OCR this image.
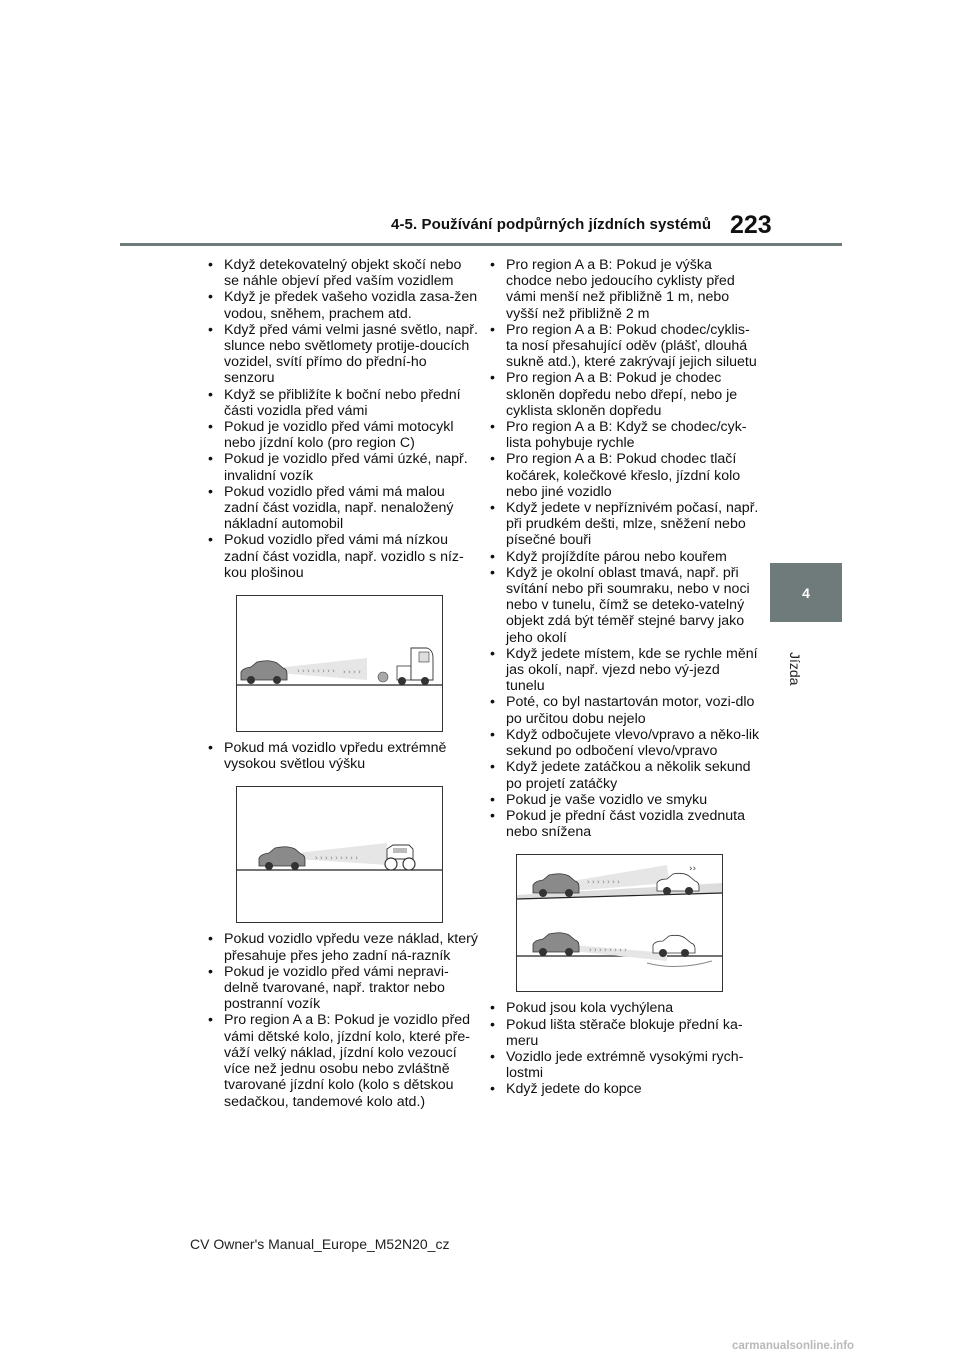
4-5. Používání podpůrných jízdních systémů 223
4
Jízda
• Když detekovatelný objekt skočí nebo se náhle objeví před vaším vozidlem
• Když je předek vašeho vozidla zasa-žen vodou, sněhem, prachem atd.
• Když před vámi velmi jasné světlo, např. slunce nebo světlomety protije-doucích vozidel, svítí přímo do přední-ho senzoru
• Když se přibližíte k boční nebo přední části vozidla před vámi
• Pokud je vozidlo před vámi motocykl nebo jízdní kolo (pro region C)
• Pokud je vozidlo před vámi úzké, např. invalidní vozík
• Pokud vozidlo před vámi má malou zadní část vozidla, např. nenaložený nákladní automobil
• Pokud vozidlo před vámi má nízkou zadní část vozidla, např. vozidlo s níz-kou plošinou
› › › › › › › › › › › ›
• Pokud má vozidlo vpředu extrémně vysokou světlou výšku
› › › › › › › › ›
• Pokud vozidlo vpředu veze náklad, který přesahuje přes jeho zadní ná-razník
• Pokud je vozidlo před vámi nepravi-delně tvarované, např. traktor nebo postranní vozík
• Pro region A a B: Pokud je vozidlo před vámi dětské kolo, jízdní kolo, které pře-váží velký náklad, jízdní kolo vezoucí více než jednu osobu nebo zvláštně tvarované jízdní kolo (kolo s dětskou sedačkou, tandemové kolo atd.)
• Pro region A a B: Pokud je výška chodce nebo jedoucího cyklisty před vámi menší než přibližně 1 m, nebo vyšší než přibližně 2 m
• Pro region A a B: Pokud chodec/cyklis-ta nosí přesahující oděv (plášť, dlouhá sukně atd.), které zakrývají jejich siluetu
• Pro region A a B: Pokud je chodec skloněn dopředu nebo dřepí, nebo je cyklista skloněn dopředu
• Pro region A a B: Když se chodec/cyk-lista pohybuje rychle
• Pro region A a B: Pokud chodec tlačí kočárek, kolečkové křeslo, jízdní kolo nebo jiné vozidlo
• Když jedete v nepříznivém počasí, např. při prudkém dešti, mlze, sněžení nebo písečné bouři
• Když projíždíte párou nebo kouřem
• Když je okolní oblast tmavá, např. při svítání nebo při soumraku, nebo v noci nebo v tunelu, čímž se deteko-vatelný objekt zdá být téměř stejné barvy jako jeho okolí
• Když jedete místem, kde se rychle mění jas okolí, např. vjezd nebo vý-jezd tunelu
• Poté, co byl nastartován motor, vozi-dlo po určitou dobu nejelo
• Když odbočujete vlevo/vpravo a něko-lik sekund po odbočení vlevo/vpravo
• Když jedete zatáčkou a několik sekund po projetí zatáčky
• Pokud je vaše vozidlo ve smyku
• Pokud je přední část vozidla zvednuta nebo snížena
› › › › › › ›
››
› › › › › › › ›
• Pokud jsou kola vychýlena
• Pokud lišta stěrače blokuje přední ka-meru
• Vozidlo jede extrémně vysokými rych-lostmi
• Když jedete do kopce
CV Owner's Manual_Europe_M52N20_cz
carmanualsonline.info
